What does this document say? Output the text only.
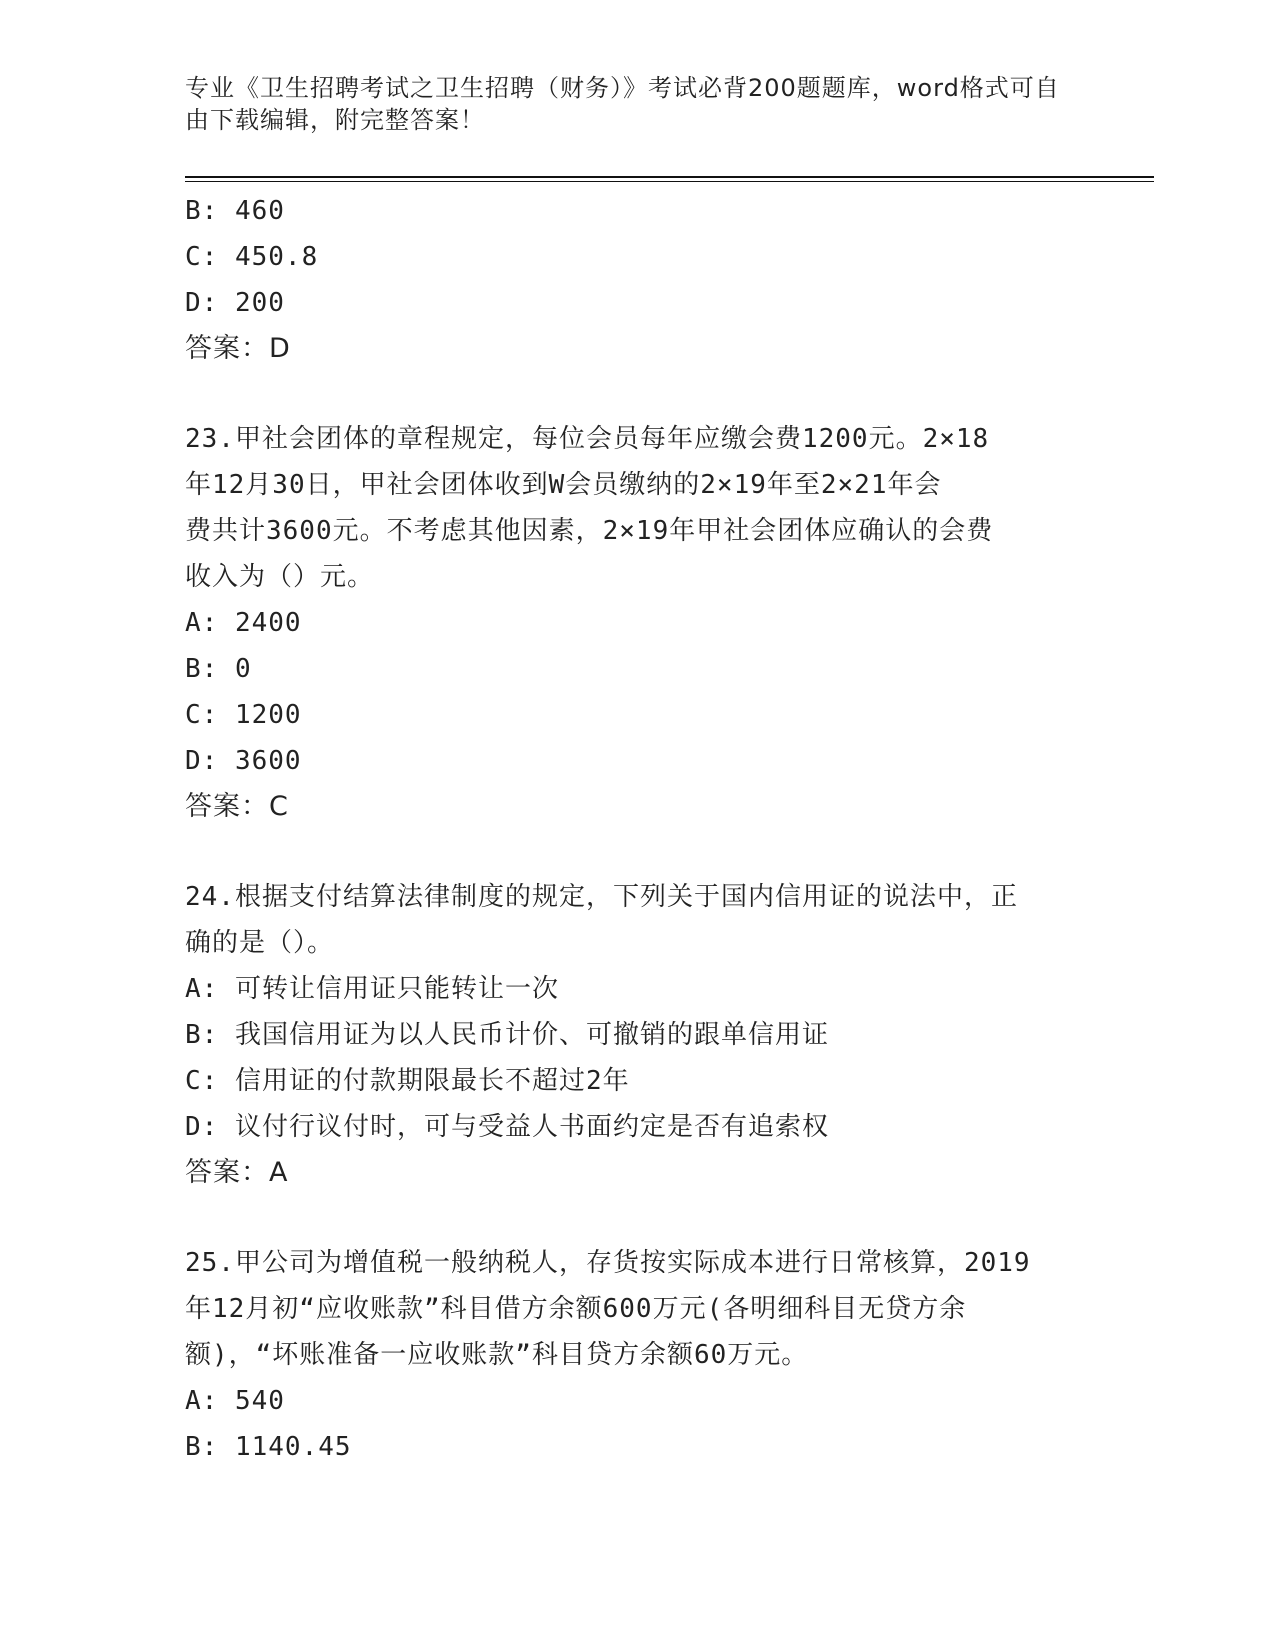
专业《卫生招聘考试之卫生招聘（财务）》考试必背200题题库，word格式可自
由下载编辑，附完整答案！
B: 460
C: 450.8
D: 200
答案：D
23.甲社会团体的章程规定，每位会员每年应缴会费1200元。2×18
年12月30日，甲社会团体收到W会员缴纳的2×19年至2×21年会
费共计3600元。不考虑其他因素，2×19年甲社会团体应确认的会费
收入为（）元。
A: 2400
B: 0
C: 1200
D: 3600
答案：C
24.根据支付结算法律制度的规定，下列关于国内信用证的说法中，正
确的是（）。
A: 可转让信用证只能转让一次
B: 我国信用证为以人民币计价、可撤销的跟单信用证
C: 信用证的付款期限最长不超过2年
D: 议付行议付时，可与受益人书面约定是否有追索权
答案：A
25.甲公司为增值税一般纳税人，存货按实际成本进行日常核算，2019
年12月初“应收账款”科目借方余额600万元(各明细科目无贷方余
额)，“坏账准备一应收账款”科目贷方余额60万元。
A: 540
B: 1140.45
